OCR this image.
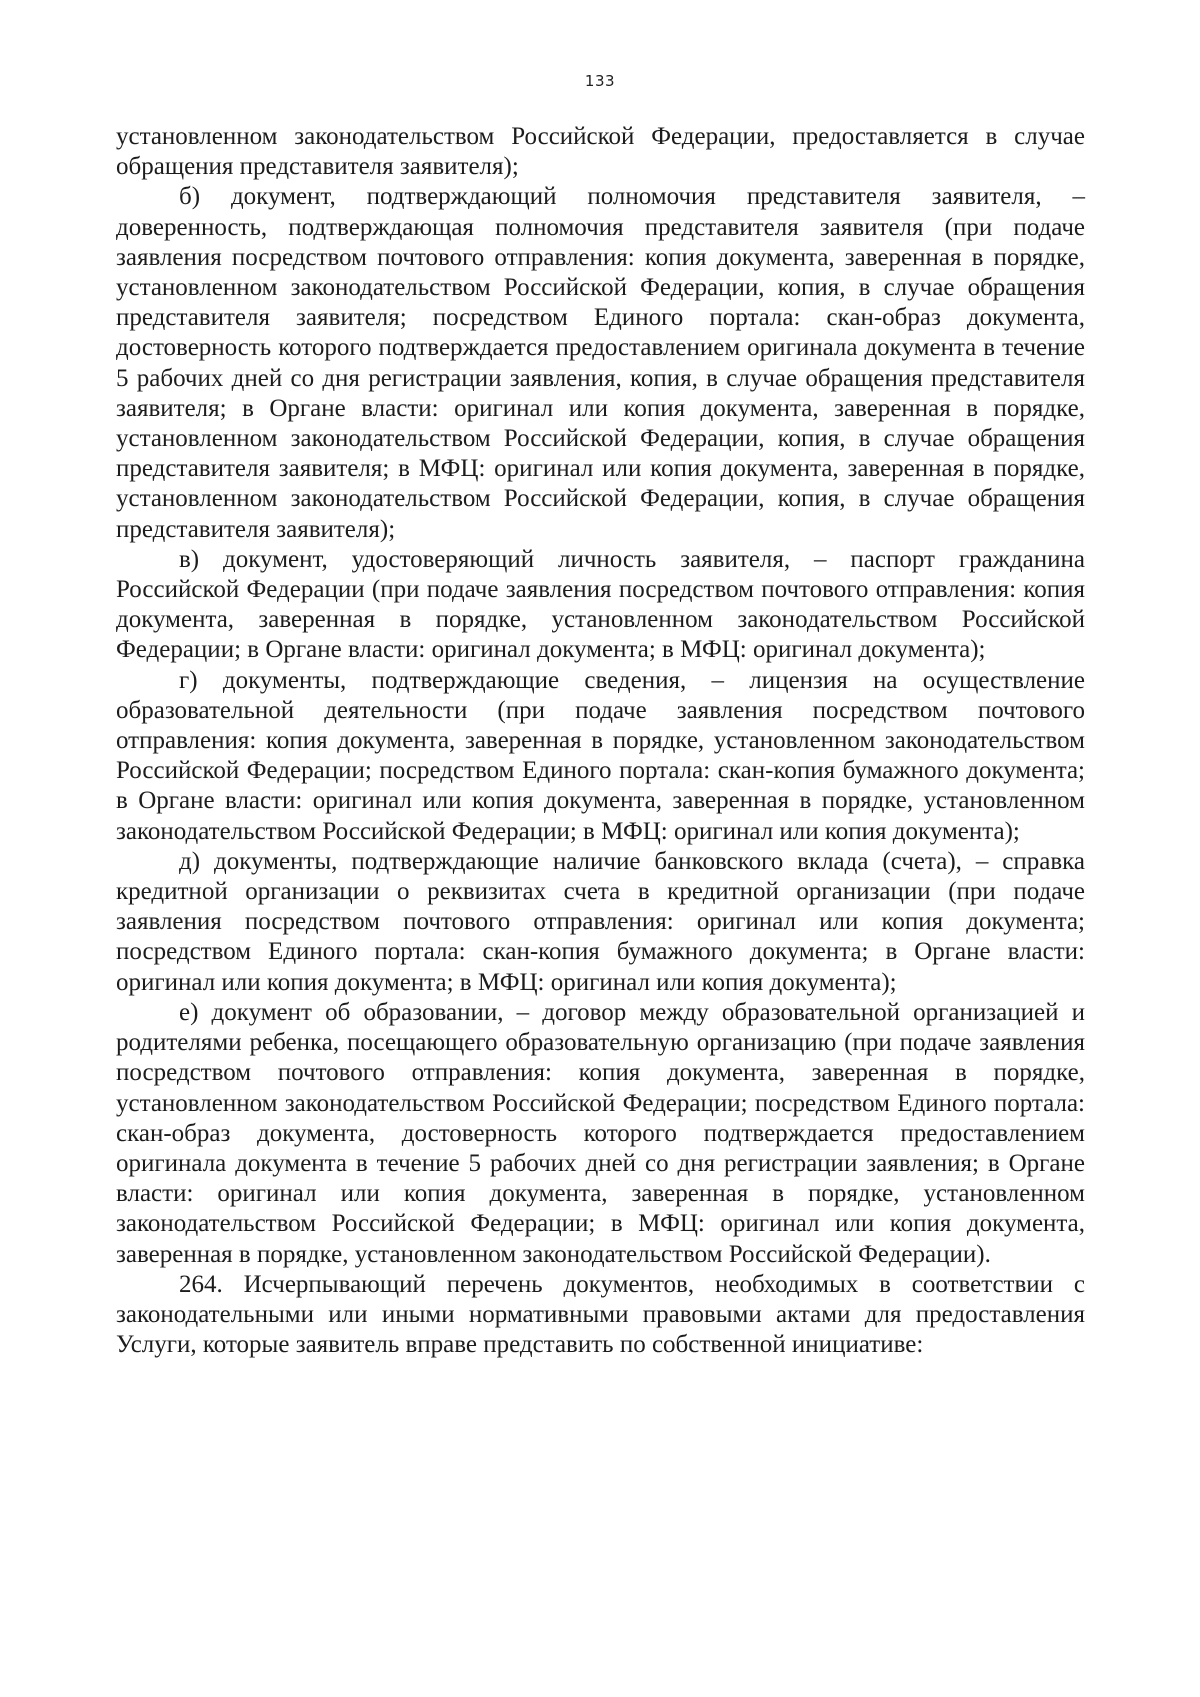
133

установленном законодательством Российской Федерации, предоставляется в случае обращения представителя заявителя);

б) документ, подтверждающий полномочия представителя заявителя, – доверенность, подтверждающая полномочия представителя заявителя (при подаче заявления посредством почтового отправления: копия документа, заверенная в порядке, установленном законодательством Российской Федерации, копия, в случае обращения представителя заявителя; посредством Единого портала: скан-образ документа, достоверность которого подтверждается предоставлением оригинала документа в течение 5 рабочих дней со дня регистрации заявления, копия, в случае обращения представителя заявителя; в Органе власти: оригинал или копия документа, заверенная в порядке, установленном законодательством Российской Федерации, копия, в случае обращения представителя заявителя; в МФЦ: оригинал или копия документа, заверенная в порядке, установленном законодательством Российской Федерации, копия, в случае обращения представителя заявителя);

в) документ, удостоверяющий личность заявителя, – паспорт гражданина Российской Федерации (при подаче заявления посредством почтового отправления: копия документа, заверенная в порядке, установленном законодательством Российской Федерации; в Органе власти: оригинал документа; в МФЦ: оригинал документа);

г) документы, подтверждающие сведения, – лицензия на осуществление образовательной деятельности (при подаче заявления посредством почтового отправления: копия документа, заверенная в порядке, установленном законодательством Российской Федерации; посредством Единого портала: скан-копия бумажного документа; в Органе власти: оригинал или копия документа, заверенная в порядке, установленном законодательством Российской Федерации; в МФЦ: оригинал или копия документа);

д) документы, подтверждающие наличие банковского вклада (счета), – справка кредитной организации о реквизитах счета в кредитной организации (при подаче заявления посредством почтового отправления: оригинал или копия документа; посредством Единого портала: скан-копия бумажного документа; в Органе власти: оригинал или копия документа; в МФЦ: оригинал или копия документа);

е) документ об образовании, – договор между образовательной организацией и родителями ребенка, посещающего образовательную организацию (при подаче заявления посредством почтового отправления: копия документа, заверенная в порядке, установленном законодательством Российской Федерации; посредством Единого портала: скан-образ документа, достоверность которого подтверждается предоставлением оригинала документа в течение 5 рабочих дней со дня регистрации заявления; в Органе власти: оригинал или копия документа, заверенная в порядке, установленном законодательством Российской Федерации; в МФЦ: оригинал или копия документа, заверенная в порядке, установленном законодательством Российской Федерации).

264. Исчерпывающий перечень документов, необходимых в соответствии с законодательными или иными нормативными правовыми актами для предоставления Услуги, которые заявитель вправе представить по собственной инициативе:
